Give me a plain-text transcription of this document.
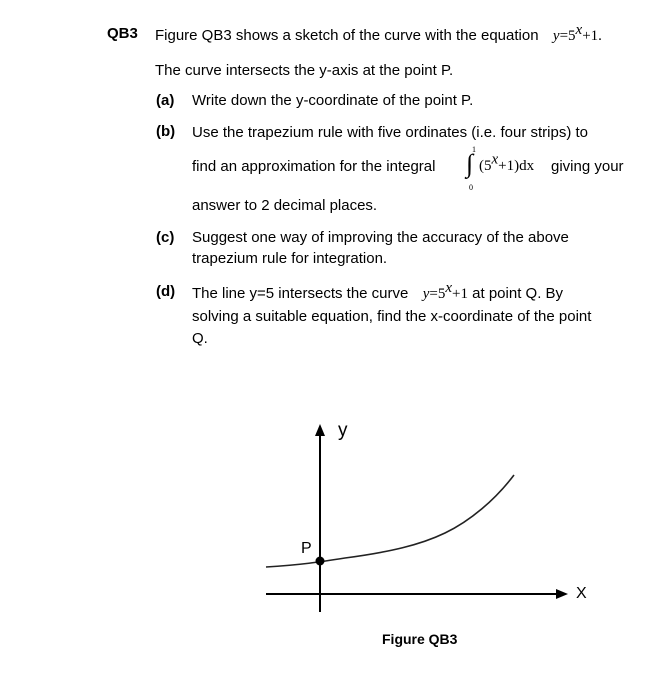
QB3 Figure QB3 shows a sketch of the curve with the equation $y=5^x+1$.
The curve intersects the y-axis at the point P.
(a) Write down the y-coordinate of the point P.
(b) Use the trapezium rule with five ordinates (i.e. four strips) to
find an approximation for the integral
1
∫
0
$(5^x+1)dx$ giving your
answer to 2 decimal places.
(c) Suggest one way of improving the accuracy of the above
trapezium rule for integration.
(d) The line y=5 intersects the curve $y=5^x+1$ at point Q. By
solving a suitable equation, find the x-coordinate of the point
Q.
y
X
P
Figure QB3
